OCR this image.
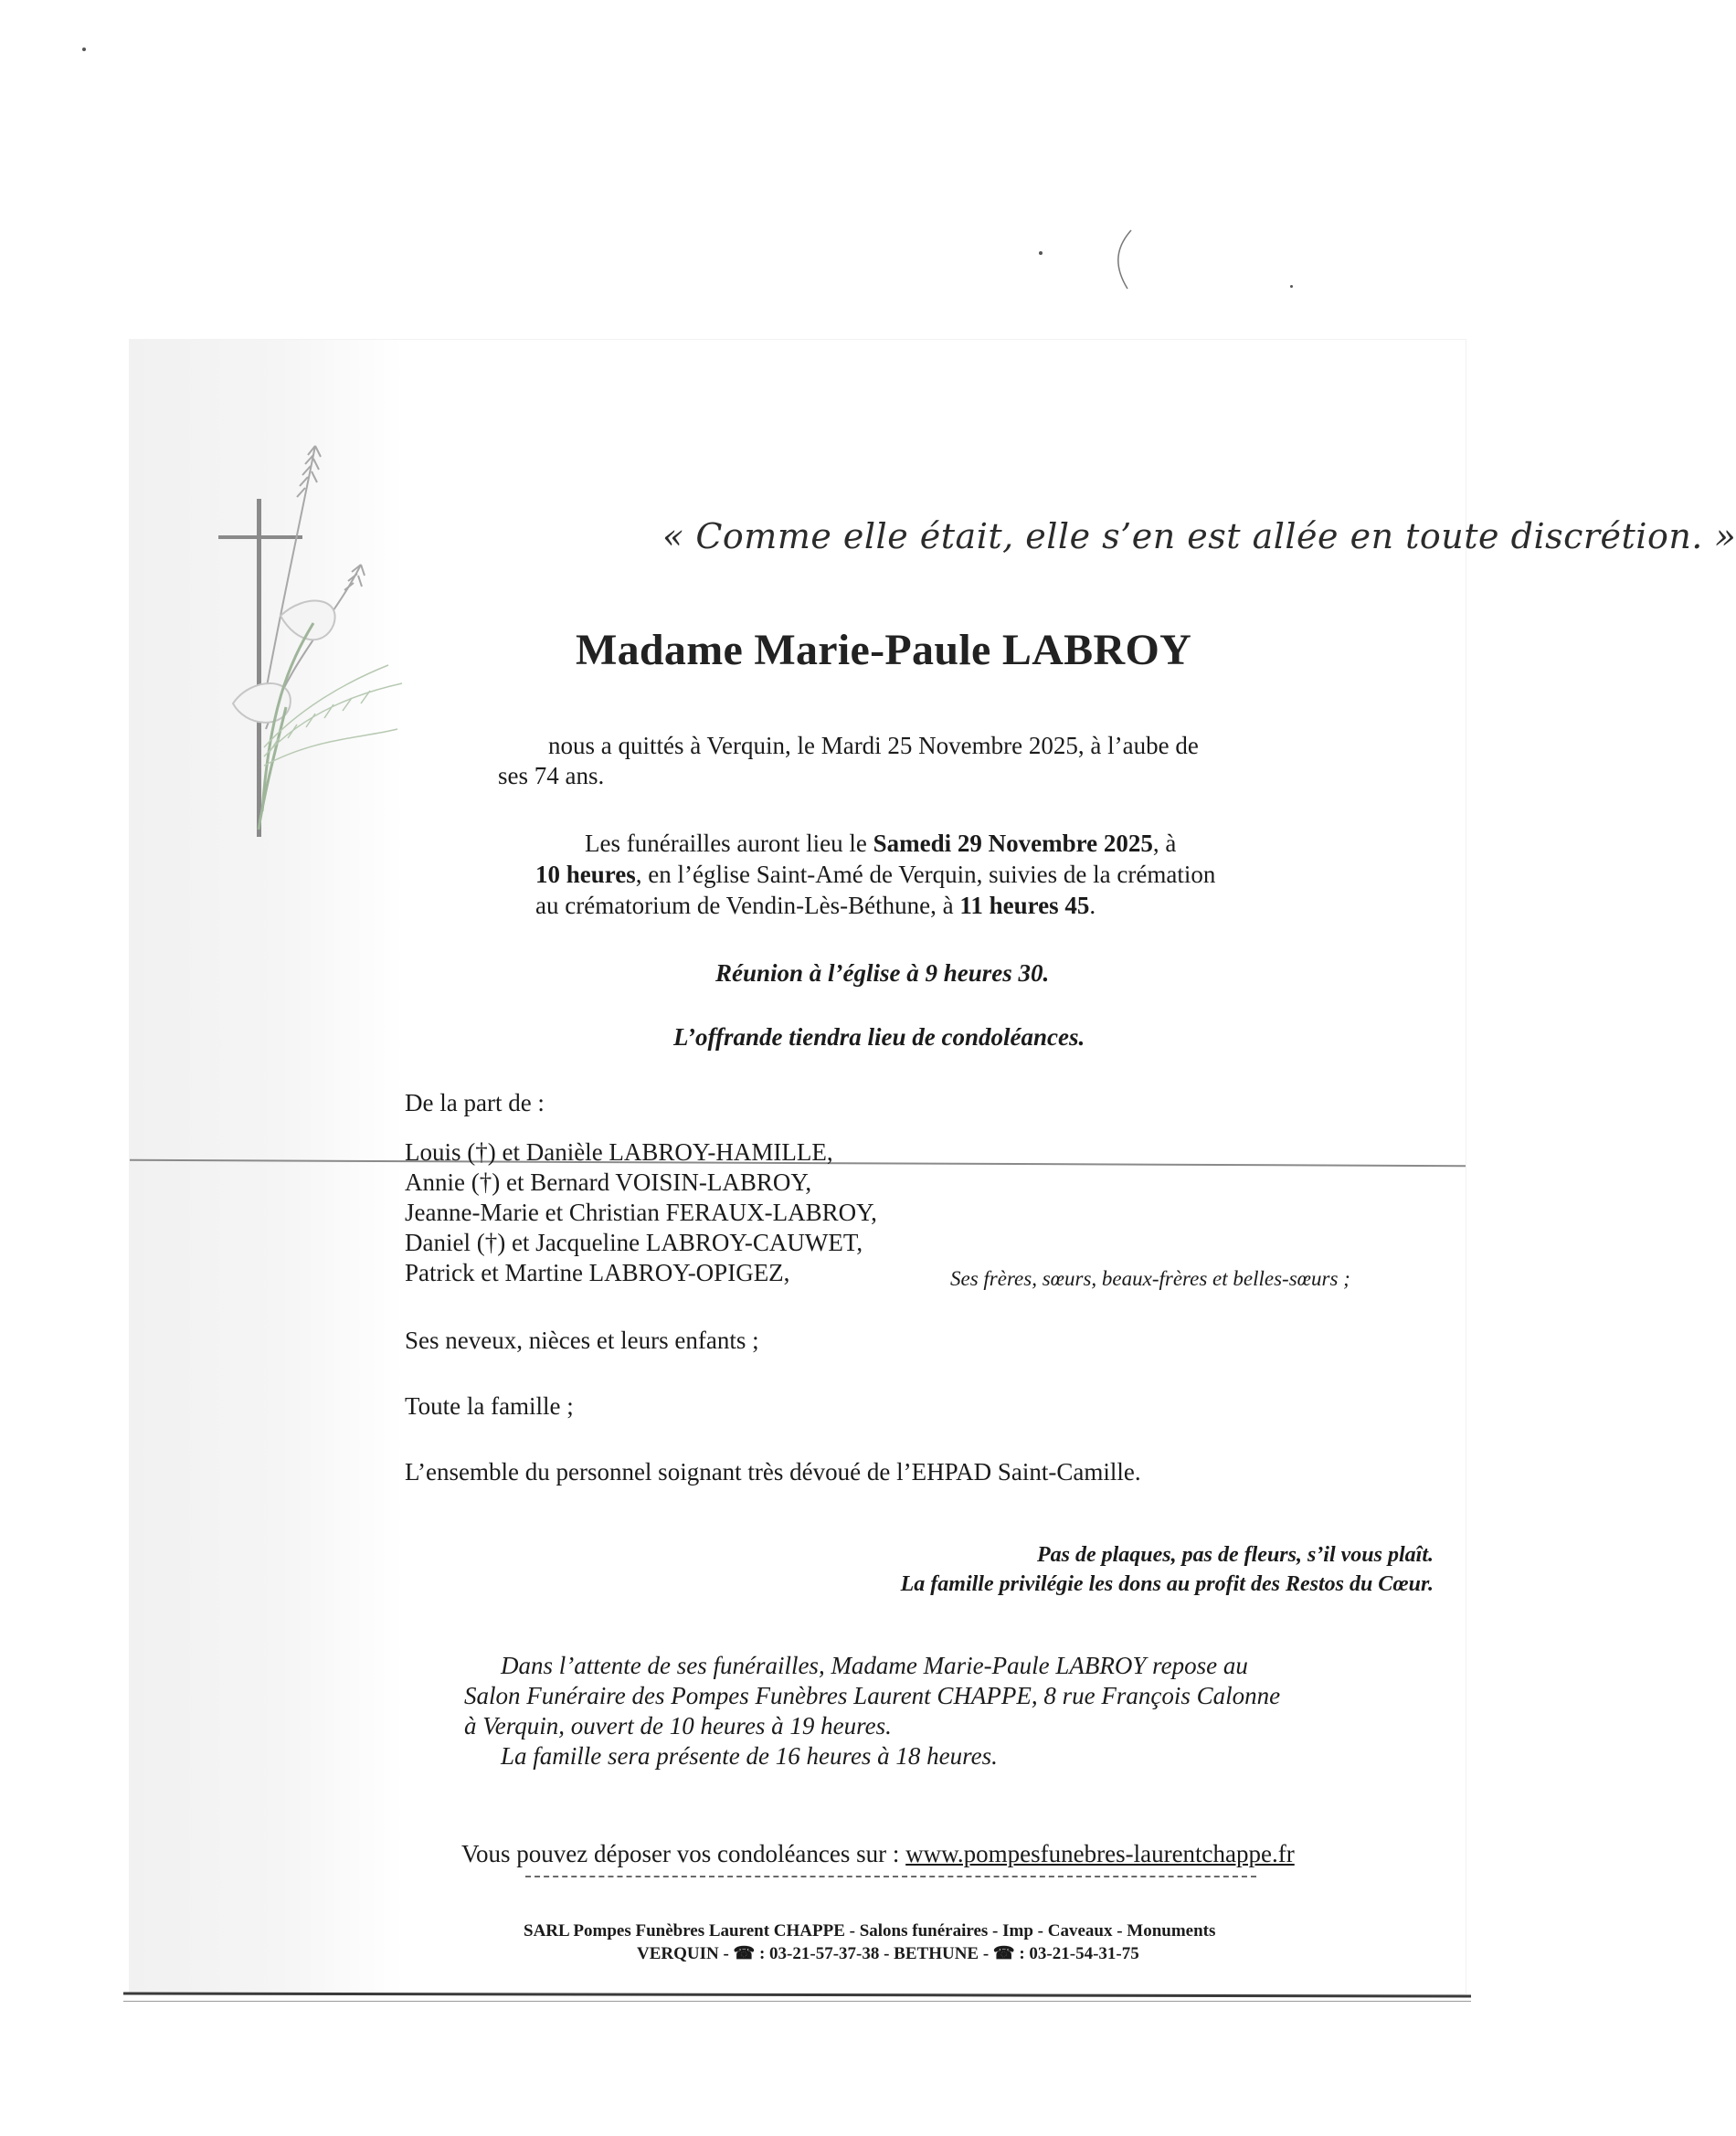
« Comme elle était, elle s’en est allée en toute discrétion. »
Madame Marie-Paule LABROY
nous a quittés à Verquin, le Mardi 25 Novembre 2025, à l’aube de
ses 74 ans.
Les funérailles auront lieu le Samedi 29 Novembre 2025, à
10 heures, en l’église Saint-Amé de Verquin, suivies de la crémation
au crématorium de Vendin-Lès-Béthune, à 11 heures 45.
Réunion à l’église à 9 heures 30.
L’offrande tiendra lieu de condoléances.
De la part de :
Louis (†) et Danièle LABROY-HAMILLE,
Annie (†) et Bernard VOISIN-LABROY,
Jeanne-Marie et Christian FERAUX-LABROY,
Daniel (†) et Jacqueline LABROY-CAUWET,
Patrick et Martine LABROY-OPIGEZ,	Ses frères, sœurs, beaux-frères et belles-sœurs ;
Ses neveux, nièces et leurs enfants ;
Toute la famille ;
L’ensemble du personnel soignant très dévoué de l’EHPAD Saint-Camille.
Pas de plaques, pas de fleurs, s’il vous plaît.
La famille privilégie les dons au profit des Restos du Cœur.
Dans l’attente de ses funérailles, Madame Marie-Paule LABROY repose au
Salon Funéraire des Pompes Funèbres Laurent CHAPPE, 8 rue François Calonne
à Verquin, ouvert de 10 heures à 19 heures.
La famille sera présente de 16 heures à 18 heures.
Vous pouvez déposer vos condoléances sur : www.pompesfunebres-laurentchappe.fr
SARL Pompes Funèbres Laurent CHAPPE - Salons funéraires - Imp - Caveaux - Monuments
VERQUIN - ☎ : 03-21-57-37-38 - BETHUNE - ☎ : 03-21-54-31-75
